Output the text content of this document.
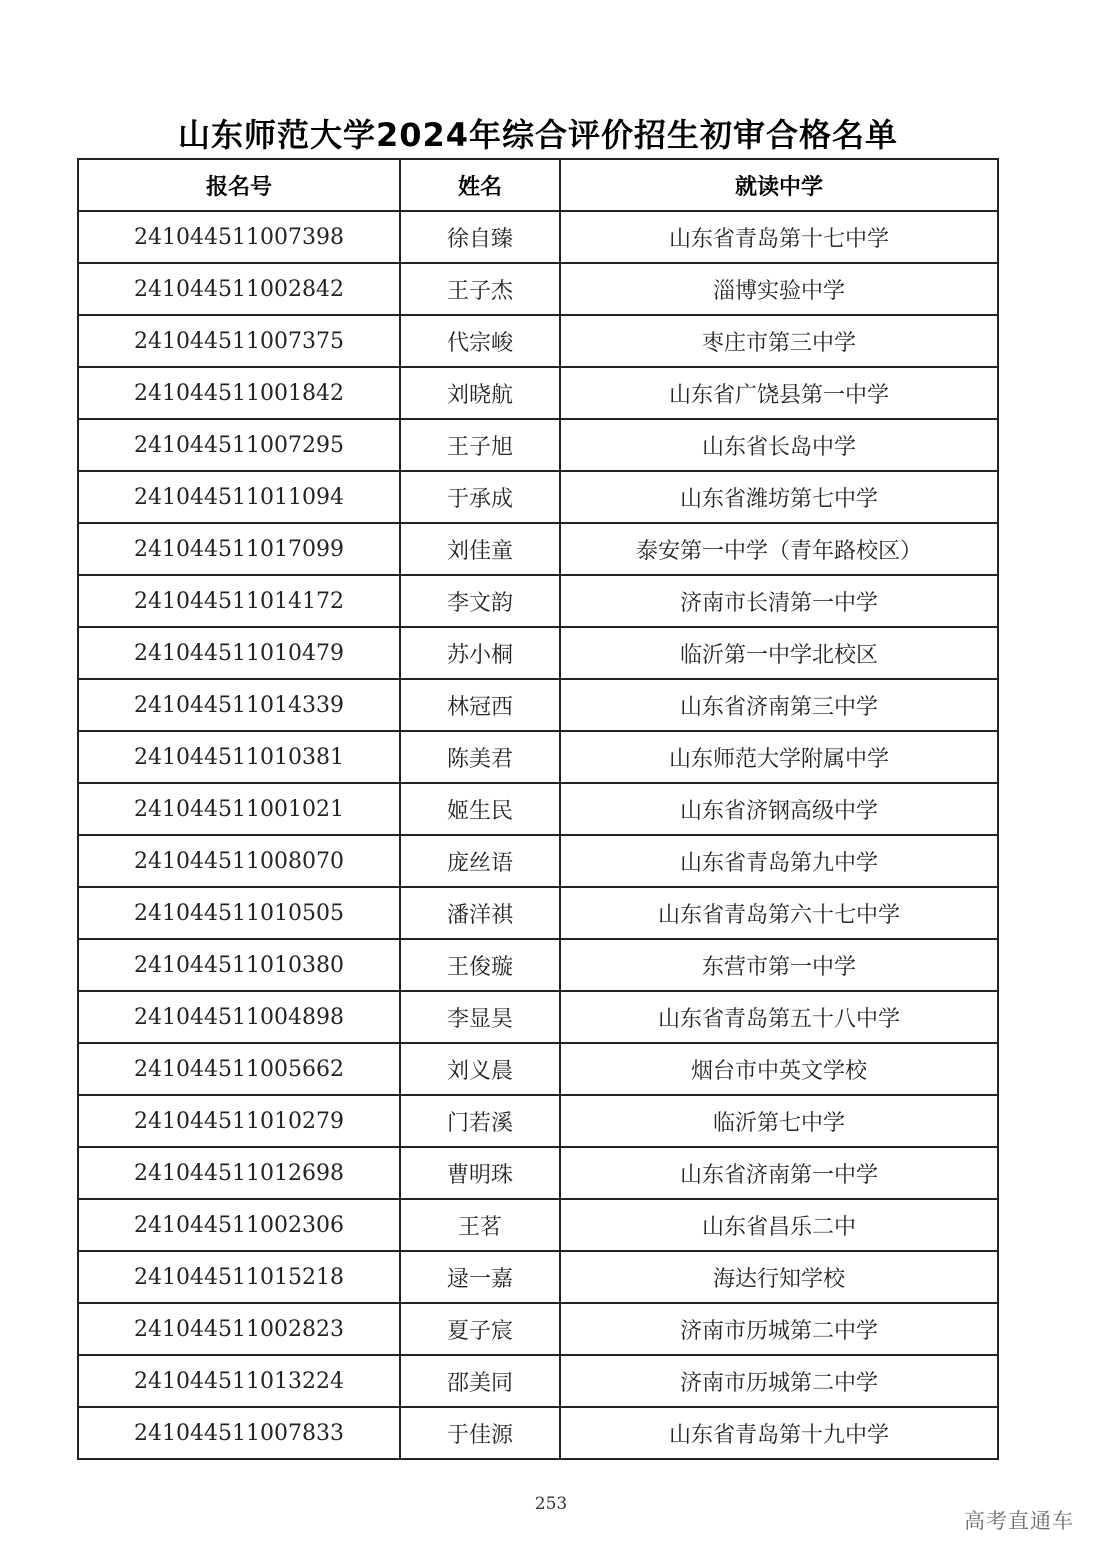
山东师范大学2024年综合评价招生初审合格名单
报名号	姓名	就读中学
241044511007398	徐自臻	山东省青岛第十七中学
241044511002842	王子杰	淄博实验中学
241044511007375	代宗峻	枣庄市第三中学
241044511001842	刘晓航	山东省广饶县第一中学
241044511007295	王子旭	山东省长岛中学
241044511011094	于承成	山东省潍坊第七中学
241044511017099	刘佳童	泰安第一中学（青年路校区）
241044511014172	李文韵	济南市长清第一中学
241044511010479	苏小桐	临沂第一中学北校区
241044511014339	林冠西	山东省济南第三中学
241044511010381	陈美君	山东师范大学附属中学
241044511001021	姬生民	山东省济钢高级中学
241044511008070	庞丝语	山东省青岛第九中学
241044511010505	潘洋祺	山东省青岛第六十七中学
241044511010380	王俊璇	东营市第一中学
241044511004898	李显昊	山东省青岛第五十八中学
241044511005662	刘义晨	烟台市中英文学校
241044511010279	门若溪	临沂第七中学
241044511012698	曹明珠	山东省济南第一中学
241044511002306	王茗	山东省昌乐二中
241044511015218	逯一嘉	海达行知学校
241044511002823	夏子宸	济南市历城第二中学
241044511013224	邵美同	济南市历城第二中学
241044511007833	于佳源	山东省青岛第十九中学
253
高考直通车
